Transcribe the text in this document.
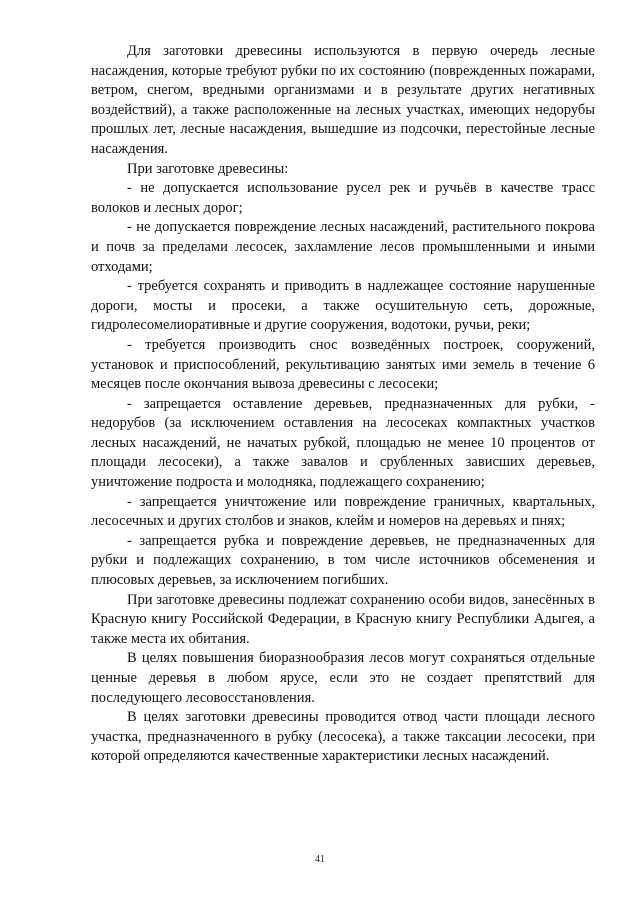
Для заготовки древесины используются в первую очередь лесные насаждения, которые требуют рубки по их состоянию (поврежденных пожарами, ветром, снегом, вредными организмами и в результате других негативных воздействий), а также расположенные на лесных участках, имеющих недорубы прошлых лет, лесные насаждения, вышедшие из подсочки, перестойные лесные насаждения.

При заготовке древесины:

- не допускается использование русел рек и ручьёв в качестве трасс волоков и лесных дорог;

- не допускается повреждение лесных насаждений, растительного покрова и почв за пределами лесосек, захламление лесов промышленными и иными отходами;

- требуется сохранять и приводить в надлежащее состояние нарушенные дороги, мосты и просеки, а также осушительную сеть, дорожные, гидролесомелиоративные и другие сооружения, водотоки, ручьи, реки;

- требуется производить снос возведённых построек, сооружений, установок и приспособлений, рекультивацию занятых ими земель в течение 6 месяцев после окончания вывоза древесины с лесосеки;

- запрещается оставление деревьев, предназначенных для рубки, - недорубов (за исключением оставления на лесосеках компактных участков лесных насаждений, не начатых рубкой, площадью не менее 10 процентов от площади лесосеки), а также завалов и срубленных зависших деревьев, уничтожение подроста и молодняка, подлежащего сохранению;

- запрещается уничтожение или повреждение граничных, квартальных, лесосечных и других столбов и знаков, клейм и номеров на деревьях и пнях;

- запрещается рубка и повреждение деревьев, не предназначенных для рубки и подлежащих сохранению, в том числе источников обсеменения и плюсовых деревьев, за исключением погибших.

При заготовке древесины подлежат сохранению особи видов, занесённых в Красную книгу Российской Федерации, в Красную книгу Республики Адыгея, а также места их обитания.

В целях повышения биоразнообразия лесов могут сохраняться отдельные ценные деревья в любом ярусе, если это не создает препятствий для последующего лесовосстановления.

В целях заготовки древесины проводится отвод части площади лесного участка, предназначенного в рубку (лесосека), а также таксации лесосеки, при которой определяются качественные характеристики лесных насаждений.

41
